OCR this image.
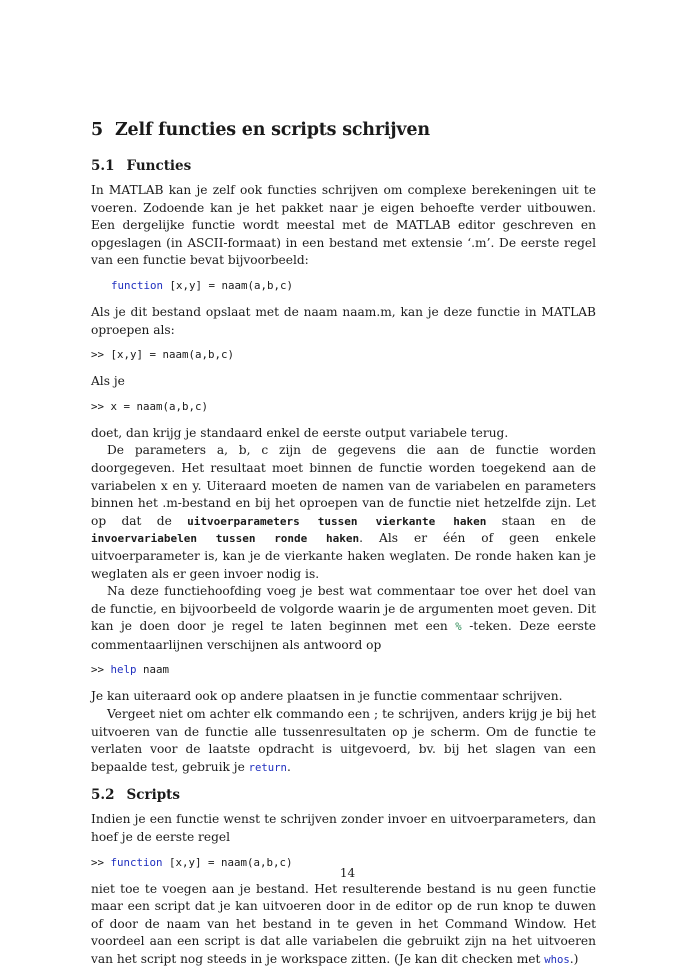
5 Zelf functies en scripts schrijven
5.1 Functies

In MATLAB kan je zelf ook functies schrijven om complexe berekeningen uit te voeren. Zodoende kan je het pakket naar je eigen behoefte verder uitbouwen. Een dergelijke functie wordt meestal met de MATLAB editor geschreven en opgeslagen (in ASCII-formaat) in een bestand met extensie ‘.m’. De eerste regel van een functie bevat bijvoorbeeld:

function [x,y] = naam(a,b,c)

Als je dit bestand opslaat met de naam naam.m, kan je deze functie in MATLAB oproepen als:

>> [x,y] = naam(a,b,c)

Als je

>> x = naam(a,b,c)

doet, dan krijg je standaard enkel de eerste output variabele terug.

De parameters a, b, c zijn de gegevens die aan de functie worden doorgegeven. Het resultaat moet binnen de functie worden toegekend aan de variabelen x en y. Uiteraard moeten de namen van de variabelen en parameters binnen het .m-bestand en bij het oproepen van de functie niet hetzelfde zijn. Let op dat de uitvoerparameters tussen vierkante haken staan en de invoervariabelen tussen ronde haken. Als er één of geen enkele uitvoerparameter is, kan je de vierkante haken weglaten. De ronde haken kan je weglaten als er geen invoer nodig is.

Na deze functiehoofding voeg je best wat commentaar toe over het doel van de functie, en bijvoorbeeld de volgorde waarin je de argumenten moet geven. Dit kan je doen door je regel te laten beginnen met een % -teken. Deze eerste commentaarlijnen verschijnen als antwoord op

>> help naam

Je kan uiteraard ook op andere plaatsen in je functie commentaar schrijven.

Vergeet niet om achter elk commando een ; te schrijven, anders krijg je bij het uitvoeren van de functie alle tussenresultaten op je scherm. Om de functie te verlaten voor de laatste opdracht is uitgevoerd, bv. bij het slagen van een bepaalde test, gebruik je return.

5.2 Scripts

Indien je een functie wenst te schrijven zonder invoer en uitvoerparameters, dan hoef je de eerste regel

>> function [x,y] = naam(a,b,c)

niet toe te voegen aan je bestand. Het resulterende bestand is nu geen functie maar een script dat je kan uitvoeren door in de editor op de run knop te duwen of door de naam van het bestand in te geven in het Command Window. Het voordeel aan een script is dat alle variabelen die gebruikt zijn na het uitvoeren van het script nog steeds in je workspace zitten. (Je kan dit checken met whos.)

14
